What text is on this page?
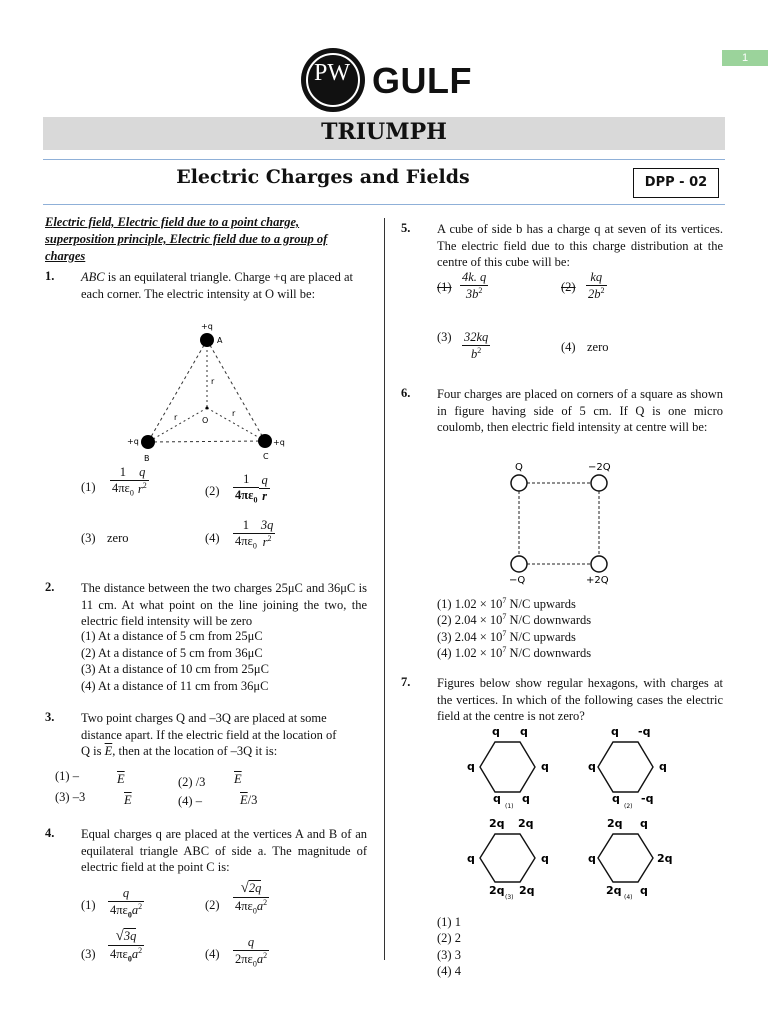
1
PW GULF
TRIUMPH
Electric Charges and Fields	DPP - 02
Electric field, Electric field due to a point charge, superposition principle, Electric field due to a group of charges
1. ABC is an equilateral triangle. Charge +q are placed at each corner. The electric intensity at O will be:
+q
A
+q
B
+q
C
O
r
r	r
$(1) \frac{1}{4\pi\varepsilon_0} \frac{q}{r^2}$	$(2) \frac{1}{4\pi\varepsilon_0} \frac{q}{r}$
(3) zero	$(4) \frac{1}{4\pi\varepsilon_0} \frac{3q}{r^2}$
2. The distance between the two charges 25μC and 36μC is 11 cm. At what point on the line joining the two, the electric field intensity will be zero
(1) At a distance of 5 cm from 25μC
(2) At a distance of 5 cm from 36μC
(3) At a distance of 10 cm from 25μC
(4) At a distance of 11 cm from 36μC
3. Two point charges Q and –3Q are placed at some
distance apart. If the electric field at the location of
Q is $\overline{E}$, then at the location of –3Q it is:
(1) –	$\overline{E}$	(2) /3 $\overline{E}$
(3) –3	$\overline{E}$	(4) –	$\overline{E}/3$
4. Equal charges q are placed at the vertices A and B of an equilateral triangle ABC of side a. The magnitude of electric field at the point C is:
$(1) \frac{q}{4\pi\varepsilon_0a^2}$	$(2) \frac{√2q}{4\pi\varepsilon_0a^2}$
$(3) \frac{√3q}{4\pi\varepsilon_0a^2}$	$(4) \frac{q}{2\pi\varepsilon_0a^2}$
5. A cube of side b has a charge q at seven of its vertices. The electric field due to this charge distribution at the centre of this cube will be:
$(1) \frac{4k. q}{3b^2}$	$(2) \frac{kq}{2b^2}$
$(3) \frac{32kq}{b^2}$	(4) zero
6. Four charges are placed on corners of a square as shown in figure having side of 5 cm. If Q is one micro coulomb, then electric field intensity at centre will be:
Q	−2Q
−Q	+2Q
(1) $1.02 \times 10^7$ N/C upwards
(2) $2.04 \times 10^7$ N/C downwards
(3) $2.04 \times 10^7$ N/C upwards
(4) $1.02 \times 10^7$ N/C downwards
7. Figures below show regular hexagons, with charges at the vertices. In which of the following cases the electric field at the centre is not zero?
q q
q	q
q q
(1)
q -q
q	q
q -q
(2)
2q 2q
q	q
2q 2q
(3)
2q q
q	2q
2q q
(4)
(1) 1
(2) 2
(3) 3
(4) 4
